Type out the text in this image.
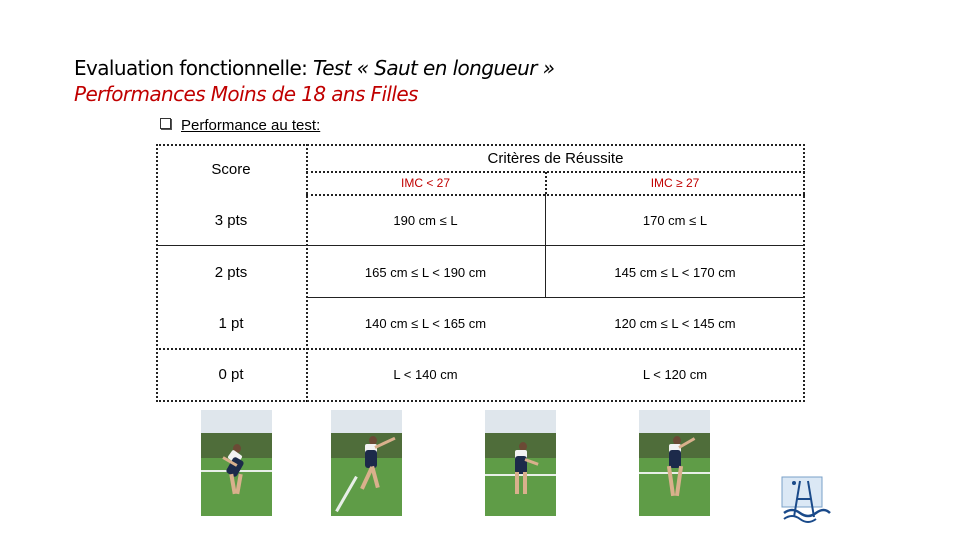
Evaluation fonctionnelle: Test « Saut en longueur »
Performances Moins de 18 ans Filles
Performance au test:
Score
Critères de Réussite
IMC < 27	IMC ≥ 27
3 pts	190 cm ≤ L	170 cm ≤ L
2 pts	165 cm ≤ L < 190 cm	145 cm ≤ L < 170 cm
1 pt	140 cm ≤ L < 165 cm	120 cm ≤ L < 145 cm
0 pt	L < 140 cm	L < 120 cm
